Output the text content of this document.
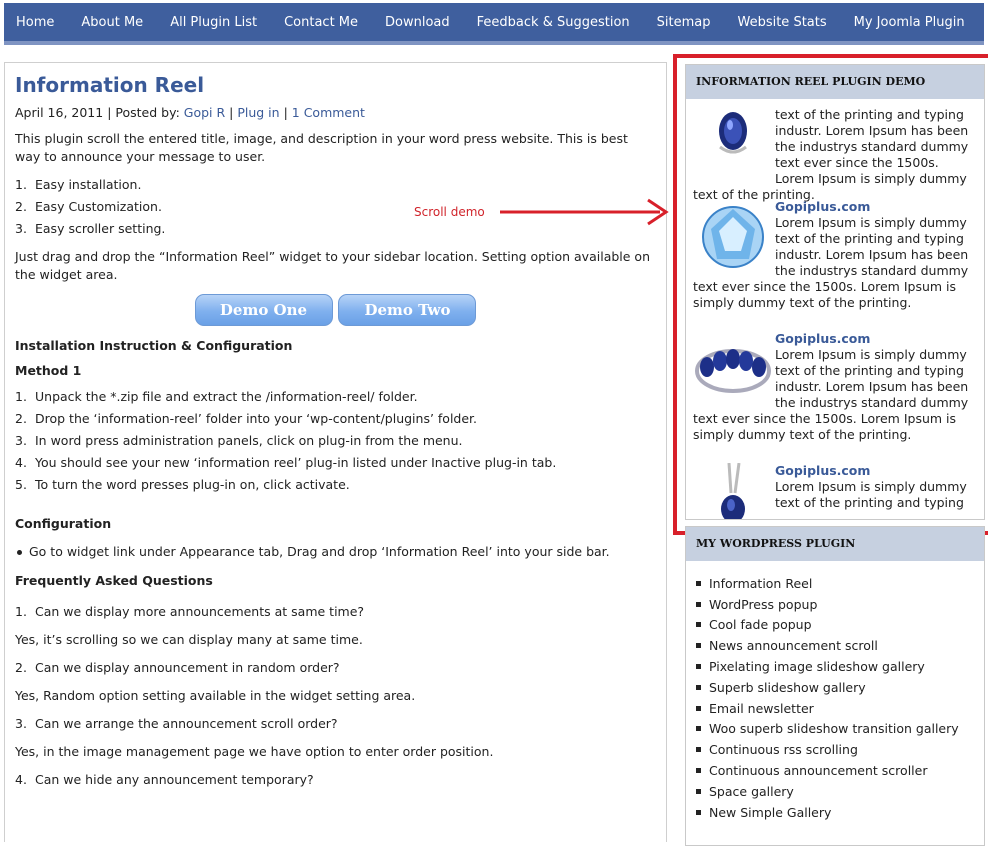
Home About Me All Plugin List Contact Me Download Feedback & Suggestion Sitemap Website Stats My Joomla Plugin
Information Reel
April 16, 2011 | Posted by: Gopi R | Plug in | 1 Comment

This plugin scroll the entered title, image, and description in your word press website. This is best way to announce your message to user.

1. Easy installation.
2. Easy Customization.
3. Easy scroller setting.

Just drag and drop the “Information Reel” widget to your sidebar location. Setting option available on the widget area.

Demo One	Demo Two
Installation Instruction & Configuration
Method 1
1. Unpack the *.zip file and extract the /information-reel/ folder.
2. Drop the ‘information-reel’ folder into your ‘wp-content/plugins’ folder.
3. In word press administration panels, click on plug-in from the menu.
4. You should see your new ‘information reel’ plug-in listed under Inactive plug-in tab.
5. To turn the word presses plug-in on, click activate.
Configuration
Go to widget link under Appearance tab, Drag and drop ‘Information Reel’ into your side bar.
Frequently Asked Questions
1. Can we display more announcements at same time?
Yes, it’s scrolling so we can display many at same time.
2. Can we display announcement in random order?
Yes, Random option setting available in the widget setting area.
3. Can we arrange the announcement scroll order?
Yes, in the image management page we have option to enter order position.
4. Can we hide any announcement temporary?
Scroll demo
INFORMATION REEL PLUGIN DEMO
text of the printing and typing industr. Lorem Ipsum has been the industrys standard dummy text ever since the 1500s. Lorem Ipsum is simply dummy text of the printing.
Gopiplus.com
Lorem Ipsum is simply dummy text of the printing and typing industr. Lorem Ipsum has been the industrys standard dummy text ever since the 1500s. Lorem Ipsum is simply dummy text of the printing.
Gopiplus.com
Lorem Ipsum is simply dummy text of the printing and typing industr. Lorem Ipsum has been the industrys standard dummy text ever since the 1500s. Lorem Ipsum is simply dummy text of the printing.
Gopiplus.com
Lorem Ipsum is simply dummy text of the printing and typing
MY WORDPRESS PLUGIN
Information Reel
WordPress popup
Cool fade popup
News announcement scroll
Pixelating image slideshow gallery
Superb slideshow gallery
Email newsletter
Woo superb slideshow transition gallery
Continuous rss scrolling
Continuous announcement scroller
Space gallery
New Simple Gallery
